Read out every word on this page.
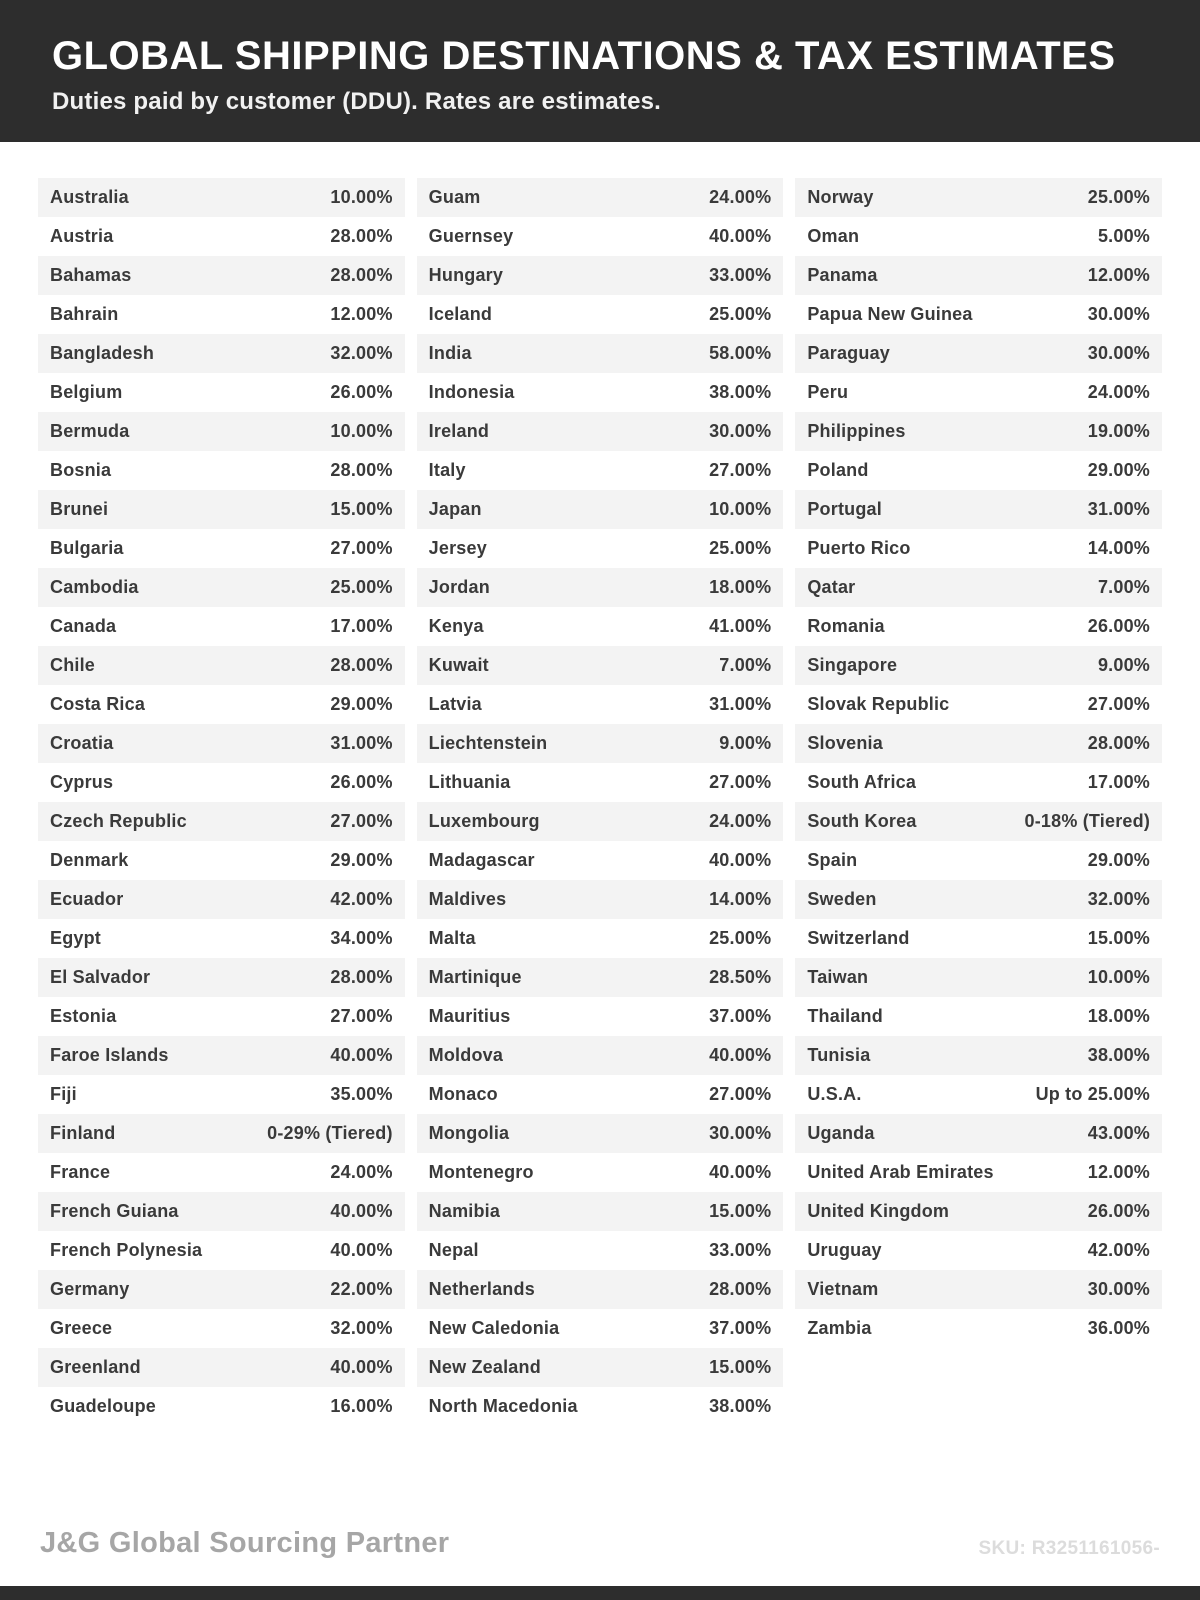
GLOBAL SHIPPING DESTINATIONS & TAX ESTIMATES

Duties paid by customer (DDU). Rates are estimates.

Australia	10.00%
Austria	28.00%
Bahamas	28.00%
Bahrain	12.00%
Bangladesh	32.00%
Belgium	26.00%
Bermuda	10.00%
Bosnia	28.00%
Brunei	15.00%
Bulgaria	27.00%
Cambodia	25.00%
Canada	17.00%
Chile	28.00%
Costa Rica	29.00%
Croatia	31.00%
Cyprus	26.00%
Czech Republic	27.00%
Denmark	29.00%
Ecuador	42.00%
Egypt	34.00%
El Salvador	28.00%
Estonia	27.00%
Faroe Islands	40.00%
Fiji	35.00%
Finland	0-29% (Tiered)
France	24.00%
French Guiana	40.00%
French Polynesia	40.00%
Germany	22.00%
Greece	32.00%
Greenland	40.00%
Guadeloupe	16.00%
Guam	24.00%
Guernsey	40.00%
Hungary	33.00%
Iceland	25.00%
India	58.00%
Indonesia	38.00%
Ireland	30.00%
Italy	27.00%
Japan	10.00%
Jersey	25.00%
Jordan	18.00%
Kenya	41.00%
Kuwait	7.00%
Latvia	31.00%
Liechtenstein	9.00%
Lithuania	27.00%
Luxembourg	24.00%
Madagascar	40.00%
Maldives	14.00%
Malta	25.00%
Martinique	28.50%
Mauritius	37.00%
Moldova	40.00%
Monaco	27.00%
Mongolia	30.00%
Montenegro	40.00%
Namibia	15.00%
Nepal	33.00%
Netherlands	28.00%
New Caledonia	37.00%
New Zealand	15.00%
North Macedonia	38.00%
Norway	25.00%
Oman	5.00%
Panama	12.00%
Papua New Guinea	30.00%
Paraguay	30.00%
Peru	24.00%
Philippines	19.00%
Poland	29.00%
Portugal	31.00%
Puerto Rico	14.00%
Qatar	7.00%
Romania	26.00%
Singapore	9.00%
Slovak Republic	27.00%
Slovenia	28.00%
South Africa	17.00%
South Korea	0-18% (Tiered)
Spain	29.00%
Sweden	32.00%
Switzerland	15.00%
Taiwan	10.00%
Thailand	18.00%
Tunisia	38.00%
U.S.A.	Up to 25.00%
Uganda	43.00%
United Arab Emirates	12.00%
United Kingdom	26.00%
Uruguay	42.00%
Vietnam	30.00%
Zambia	36.00%
J&G Global Sourcing Partner	SKU: R3251161056-
